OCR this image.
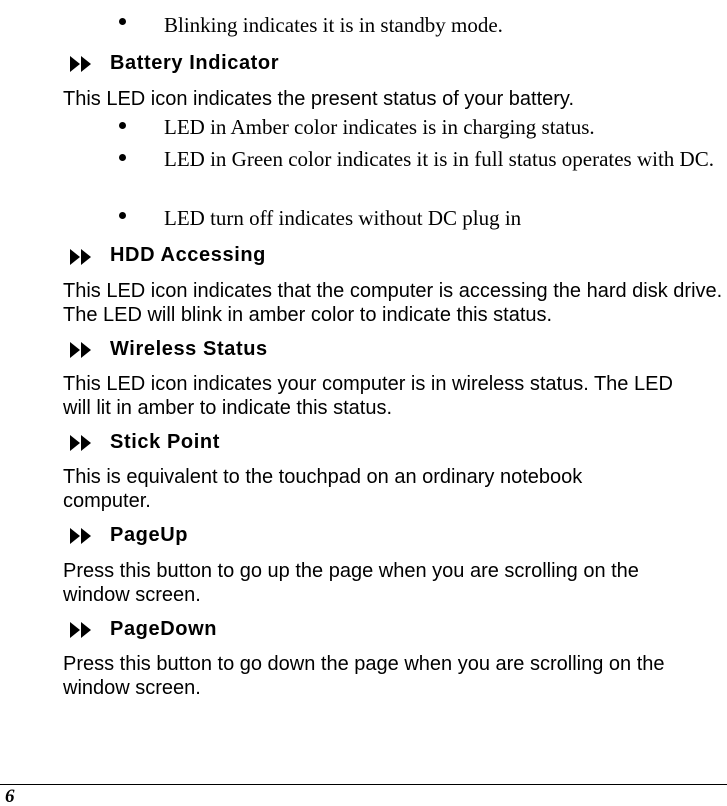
Blinking indicates it is in standby mode.
Battery Indicator
This LED icon indicates the present status of your battery.
LED in Amber color indicates is in charging status.
LED in Green color indicates it is in full status operates with DC.
LED turn off indicates without DC plug in
HDD Accessing
This LED icon indicates that the computer is accessing the hard disk drive. The LED will blink in amber color to indicate this status.
Wireless Status
This LED icon indicates your computer is in wireless status. The LED will lit in amber to indicate this status.
Stick Point
This is equivalent to the touchpad on an ordinary notebook computer.
PageUp
Press this button to go up the page when you are scrolling on the window screen.
PageDown
Press this button to go down the page when you are scrolling on the window screen.
6
